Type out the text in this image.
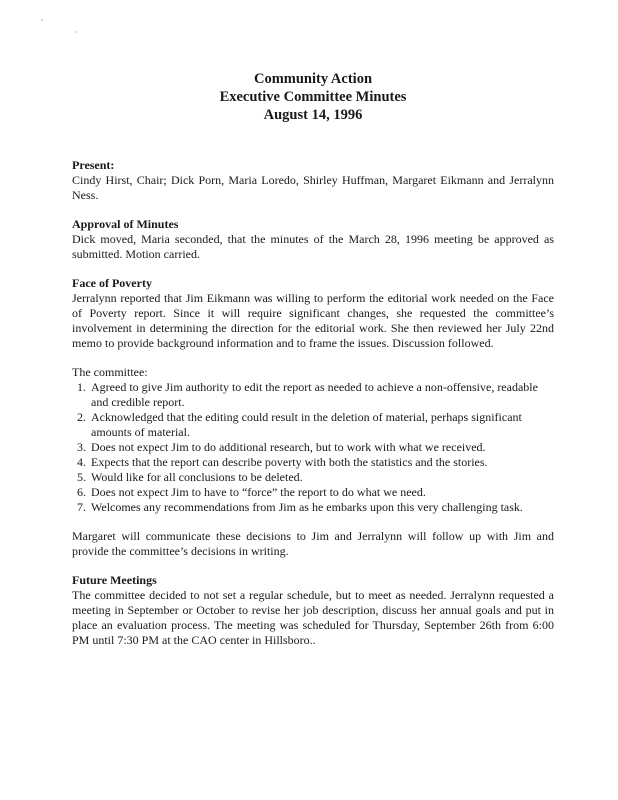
Community Action
Executive Committee Minutes
August 14, 1996
Present:
Cindy Hirst, Chair; Dick Porn, Maria Loredo, Shirley Huffman, Margaret Eikmann and Jerralynn Ness.
Approval of Minutes
Dick moved, Maria seconded, that the minutes of the March 28, 1996 meeting be approved as submitted. Motion carried.
Face of Poverty
Jerralynn reported that Jim Eikmann was willing to perform the editorial work needed on the Face of Poverty report. Since it will require significant changes, she requested the committee’s involvement in determining the direction for the editorial work. She then reviewed her July 22nd memo to provide background information and to frame the issues. Discussion followed.
The committee:
1. Agreed to give Jim authority to edit the report as needed to achieve a non-offensive, readable and credible report.
2. Acknowledged that the editing could result in the deletion of material, perhaps significant amounts of material.
3. Does not expect Jim to do additional research, but to work with what we received.
4. Expects that the report can describe poverty with both the statistics and the stories.
5. Would like for all conclusions to be deleted.
6. Does not expect Jim to have to “force” the report to do what we need.
7. Welcomes any recommendations from Jim as he embarks upon this very challenging task.
Margaret will communicate these decisions to Jim and Jerralynn will follow up with Jim and provide the committee’s decisions in writing.
Future Meetings
The committee decided to not set a regular schedule, but to meet as needed. Jerralynn requested a meeting in September or October to revise her job description, discuss her annual goals and put in place an evaluation process. The meeting was scheduled for Thursday, September 26th from 6:00 PM until 7:30 PM at the CAO center in Hillsboro..
